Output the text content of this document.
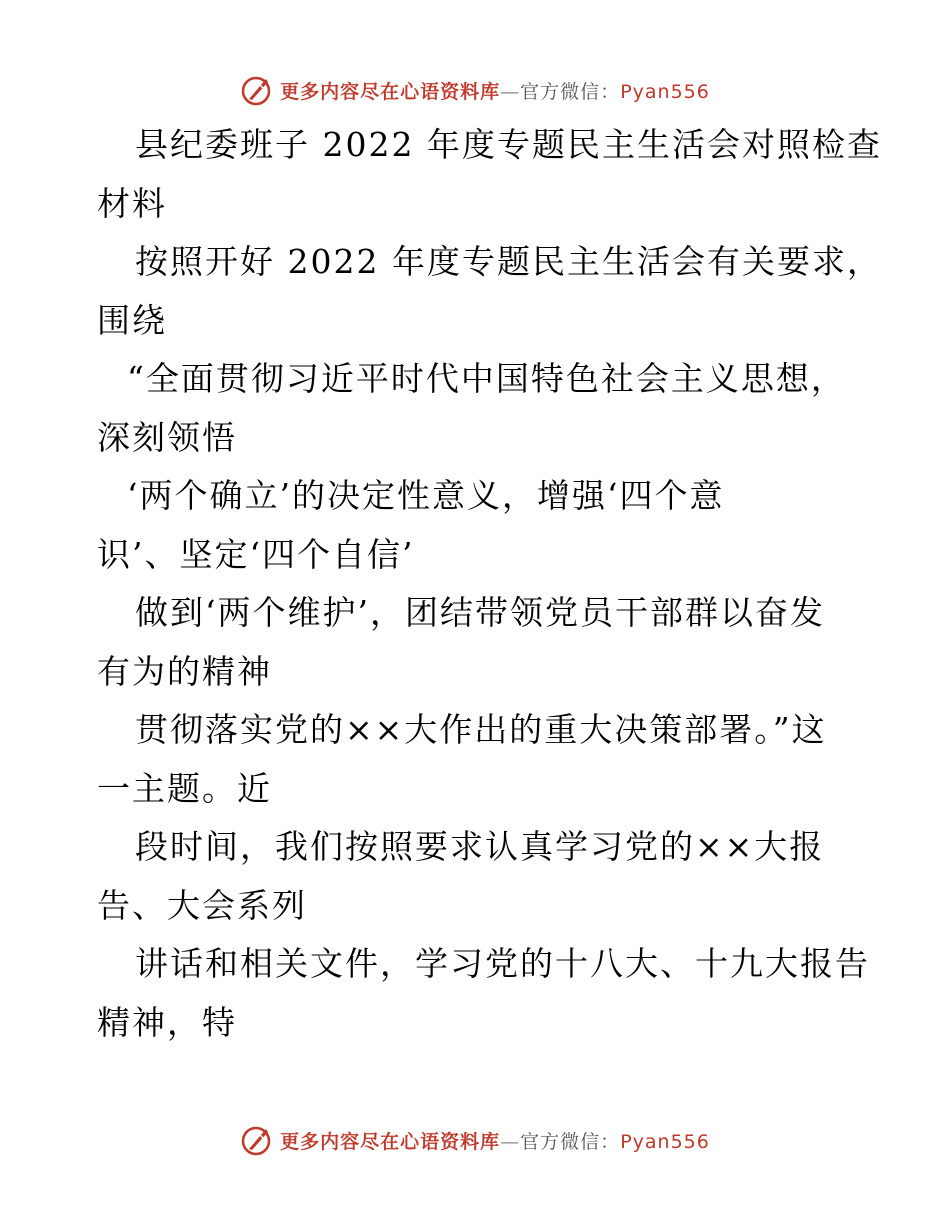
更多内容尽在心语资料库—官方微信：Pyan556
县纪委班子 2022 年度专题民主生活会对照检查
材料
按照开好 2022 年度专题民主生活会有关要求，
围绕
“全面贯彻习近平时代中国特色社会主义思想，
深刻领悟
‘两个确立’的决定性意义，增强‘四个意
识’、坚定‘四个自信’
做到‘两个维护’，团结带领党员干部群以奋发
有为的精神
贯彻落实党的××大作出的重大决策部署。”这
一主题。近
段时间，我们按照要求认真学习党的××大报
告、大会系列
讲话和相关文件，学习党的十八大、十九大报告
精神，特
更多内容尽在心语资料库—官方微信：Pyan556
